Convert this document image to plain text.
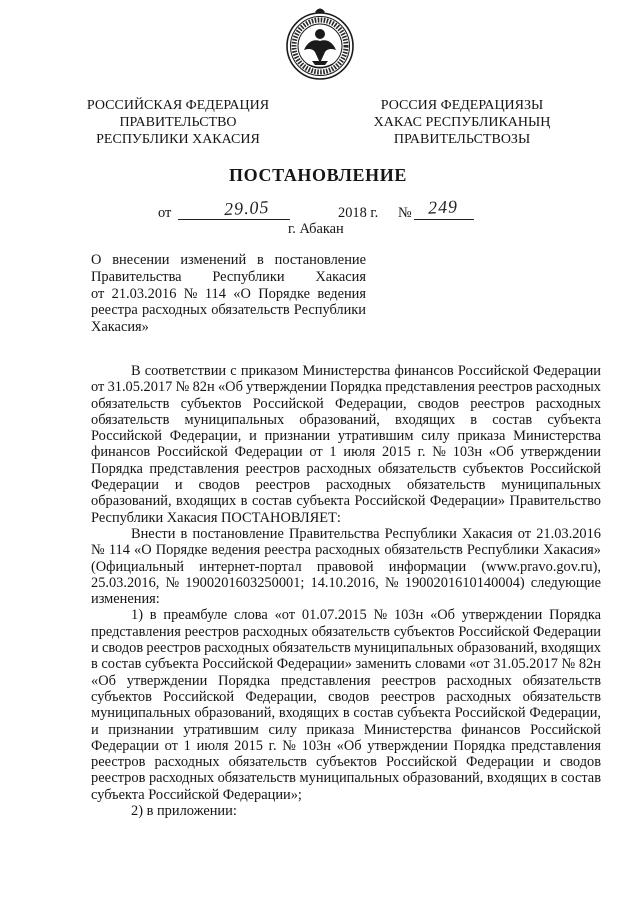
РОССИЙСКАЯ ФЕДЕРАЦИЯ
ПРАВИТЕЛЬСТВО
РЕСПУБЛИКИ ХАКАСИЯ
РОССИЯ ФЕДЕРАЦИЯЗЫ
ХАКАС РЕСПУБЛИКАНЫҢ
ПРАВИТЕЛЬСТВОЗЫ
ПОСТАНОВЛЕНИЕ
от	29.05	2018 г. № 249
г. Абакан
О внесении изменений в постановление
Правительства Республики Хакасия
от 21.03.2016 № 114 «О Порядке ведения
реестра расходных обязательств Республики
Хакасия»
В соответствии с приказом Министерства финансов Российской Федерации
от 31.05.2017 № 82н «Об утверждении Порядка представления реестров расходных
обязательств субъектов Российской Федерации, сводов реестров расходных
обязательств муниципальных образований, входящих в состав субъекта
Российской Федерации, и признании утратившим силу приказа Министерства
финансов Российской Федерации от 1 июля 2015 г. № 103н «Об утверждении
Порядка представления реестров расходных обязательств субъектов Российской
Федерации и сводов реестров расходных обязательств муниципальных
образований, входящих в состав субъекта Российской Федерации» Правительство
Республики Хакасия ПОСТАНОВЛЯЕТ:
Внести в постановление Правительства Республики Хакасия от 21.03.2016
№ 114 «О Порядке ведения реестра расходных обязательств Республики Хакасия»
(Официальный интернет-портал правовой информации (www.pravo.gov.ru),
25.03.2016, № 1900201603250001; 14.10.2016, № 1900201610140004) следующие
изменения:
1) в преамбуле слова «от 01.07.2015 № 103н «Об утверждении Порядка
представления реестров расходных обязательств субъектов Российской Федерации
и сводов реестров расходных обязательств муниципальных образований, входящих
в состав субъекта Российской Федерации» заменить словами «от 31.05.2017 № 82н
«Об утверждении Порядка представления реестров расходных обязательств
субъектов Российской Федерации, сводов реестров расходных обязательств
муниципальных образований, входящих в состав субъекта Российской Федерации,
и признании утратившим силу приказа Министерства финансов Российской
Федерации от 1 июля 2015 г. № 103н «Об утверждении Порядка представления
реестров расходных обязательств субъектов Российской Федерации и сводов
реестров расходных обязательств муниципальных образований, входящих в состав
субъекта Российской Федерации»;
2) в приложении:
